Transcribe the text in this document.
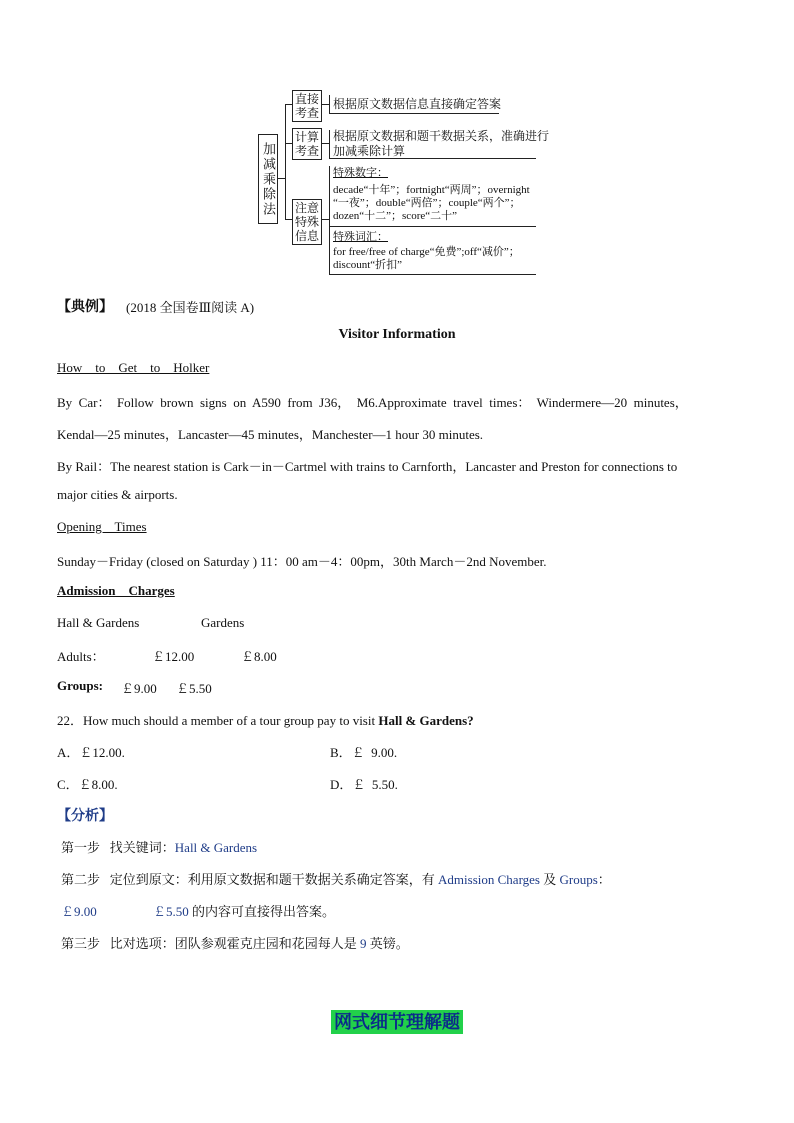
加减乘除法
直接
考查
根据原文数据信息直接确定答案
计算
考查
根据原文数据和题干数据关系，准确进行
加减乘除计算
注意
特殊
信息
特殊数字：
decade“十年”；fortnight“两周”；overnight
“一夜”；double“两倍”；couple“两个”；
dozen“十二”；score“二十”
特殊词汇：
for free/free of charge“免费”;off“减价”；
discount“折扣”
【典例】 (2018 全国卷Ⅲ阅读 A)
Visitor Information
How    to    Get    to    Holker
By  Car：  Follow  brown  signs  on  A590  from  J36，  M6.Approximate  travel  times：  Windermere—20  minutes，
Kendal—25 minutes，Lancaster—45 minutes，Manchester—1 hour 30 minutes.
By Rail：The nearest station is Cark－in－Cartmel with trains to Carnforth，Lancaster and Preston for connections to
major cities & airports.
Opening    Times
Sunday－Friday (closed on Saturday ) 11：00 am－4：00pm，30th March－2nd November.
Admission    Charges
Hall & Gardens	Gardens
Adults：	￡12.00	￡8.00
Groups: ￡9.00 ￡5.50
22．How much should a member of a tour group pay to visit Hall & Gardens?
A．￡12.00.	B．￡  9.00.
C．￡8.00.	D．￡  5.50.
【分析】
第一步 找关键词：Hall & Gardens
第二步 定位到原文：利用原文数据和题干数据关系确定答案，有 Admission Charges 及 Groups：
￡9.00	￡5.50 的内容可直接得出答案。
第三步 比对选项：团队参观霍克庄园和花园每人是 9 英镑。
网式细节理解题
